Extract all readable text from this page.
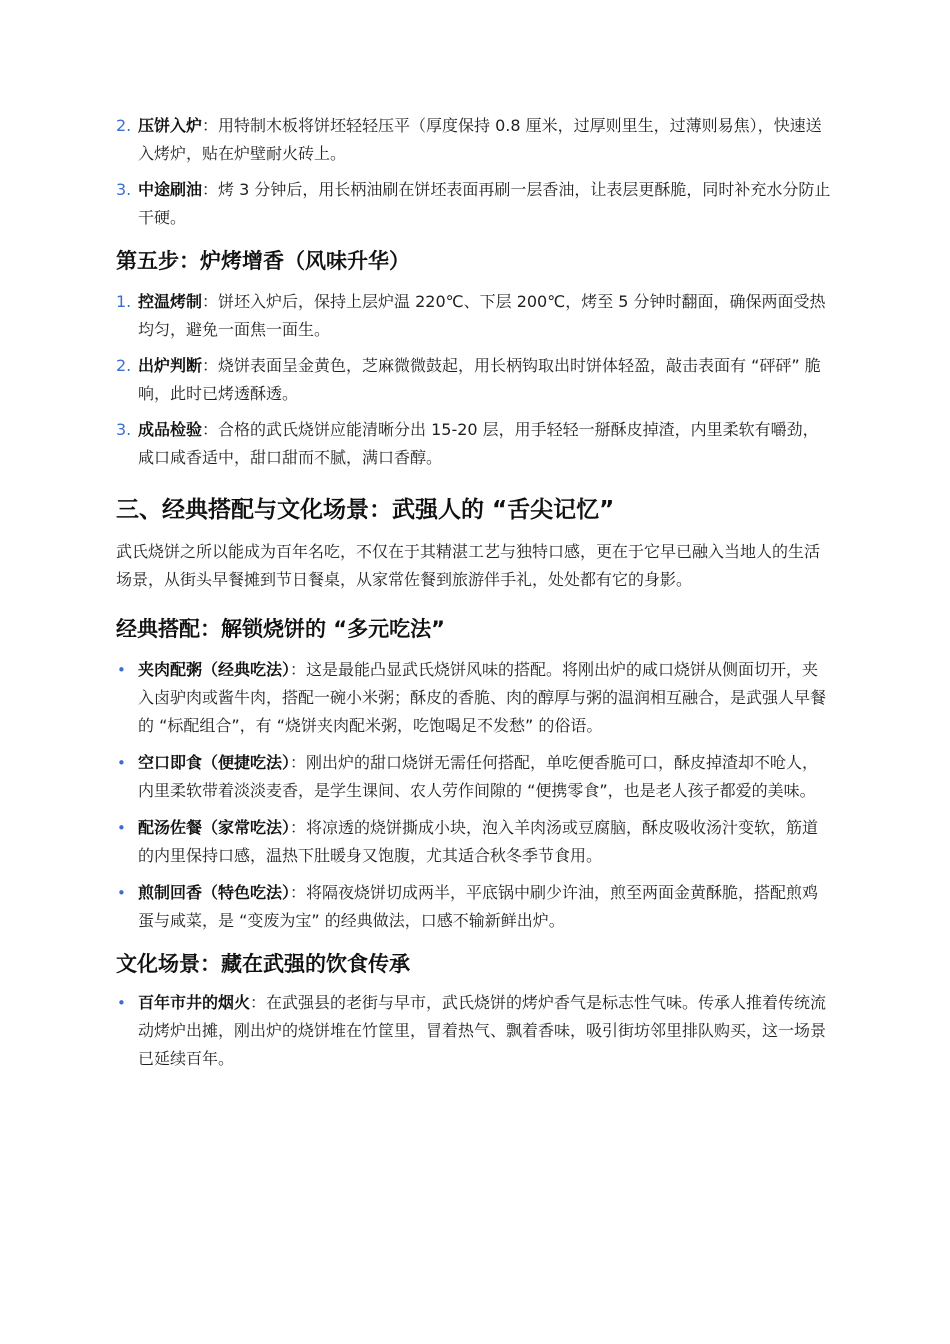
2. 压饼入炉：用特制木板将饼坯轻轻压平（厚度保持 0.8 厘米，过厚则里生，过薄则易焦），快速送入烤炉，贴在炉壁耐火砖上。
3. 中途刷油：烤 3 分钟后，用长柄油刷在饼坯表面再刷一层香油，让表层更酥脆，同时补充水分防止干硬。
第五步：炉烤增香（风味升华）
1. 控温烤制：饼坯入炉后，保持上层炉温 220℃、下层 200℃，烤至 5 分钟时翻面，确保两面受热均匀，避免一面焦一面生。
2. 出炉判断：烧饼表面呈金黄色，芝麻微微鼓起，用长柄钩取出时饼体轻盈，敲击表面有 “砰砰” 脆响，此时已烤透酥透。
3. 成品检验：合格的武氏烧饼应能清晰分出 15-20 层，用手轻轻一掰酥皮掉渣，内里柔软有嚼劲，咸口咸香适中，甜口甜而不腻，满口香醇。
三、经典搭配与文化场景：武强人的 “舌尖记忆”

武氏烧饼之所以能成为百年名吃，不仅在于其精湛工艺与独特口感，更在于它早已融入当地人的生活场景，从街头早餐摊到节日餐桌，从家常佐餐到旅游伴手礼，处处都有它的身影。

经典搭配：解锁烧饼的 “多元吃法”
• 夹肉配粥（经典吃法）：这是最能凸显武氏烧饼风味的搭配。将刚出炉的咸口烧饼从侧面切开，夹入卤驴肉或酱牛肉，搭配一碗小米粥；酥皮的香脆、肉的醇厚与粥的温润相互融合，是武强人早餐的 “标配组合”，有 “烧饼夹肉配米粥，吃饱喝足不发愁” 的俗语。
• 空口即食（便捷吃法）：刚出炉的甜口烧饼无需任何搭配，单吃便香脆可口，酥皮掉渣却不呛人，内里柔软带着淡淡麦香，是学生课间、农人劳作间隙的 “便携零食”，也是老人孩子都爱的美味。
• 配汤佐餐（家常吃法）：将凉透的烧饼撕成小块，泡入羊肉汤或豆腐脑，酥皮吸收汤汁变软，筋道的内里保持口感，温热下肚暖身又饱腹，尤其适合秋冬季节食用。
• 煎制回香（特色吃法）：将隔夜烧饼切成两半，平底锅中刷少许油，煎至两面金黄酥脆，搭配煎鸡蛋与咸菜，是 “变废为宝” 的经典做法，口感不输新鲜出炉。
文化场景：藏在武强的饮食传承
• 百年市井的烟火：在武强县的老街与早市，武氏烧饼的烤炉香气是标志性气味。传承人推着传统流动烤炉出摊，刚出炉的烧饼堆在竹筐里，冒着热气、飘着香味，吸引街坊邻里排队购买，这一场景已延续百年。
